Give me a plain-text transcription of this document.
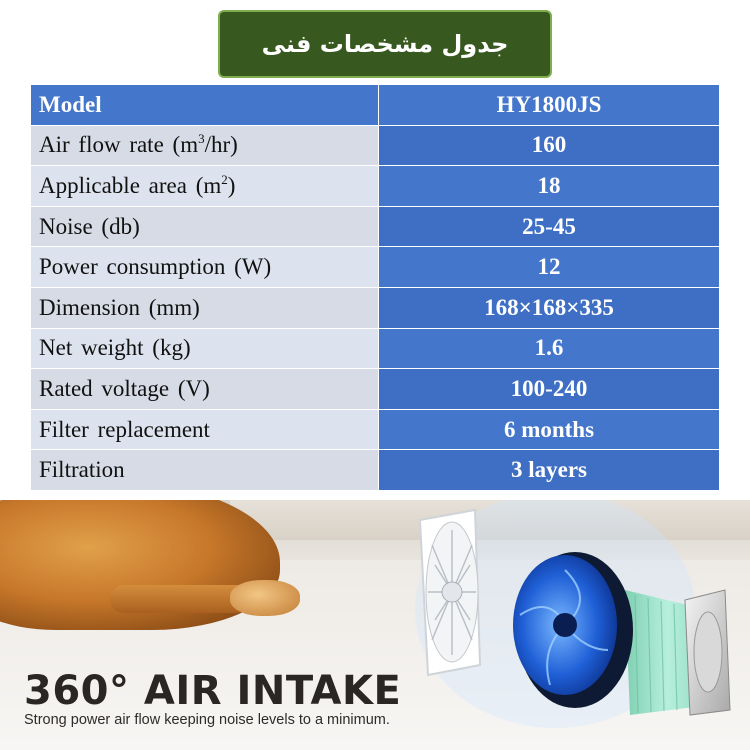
جدول مشخصات فنی
Model	HY1800JS
Air flow rate $(m^3/hr)$	160
Applicable area $(m^2)$	18
Noise (db)	25-45
Power consumption (W)	12
Dimension (mm)	168×168×335
Net weight (kg)	1.6
Rated voltage (V)	100-240
Filter replacement	6 months
Filtration	3 layers
360° AIR INTAKE
Strong power air flow keeping noise levels to a minimum.
